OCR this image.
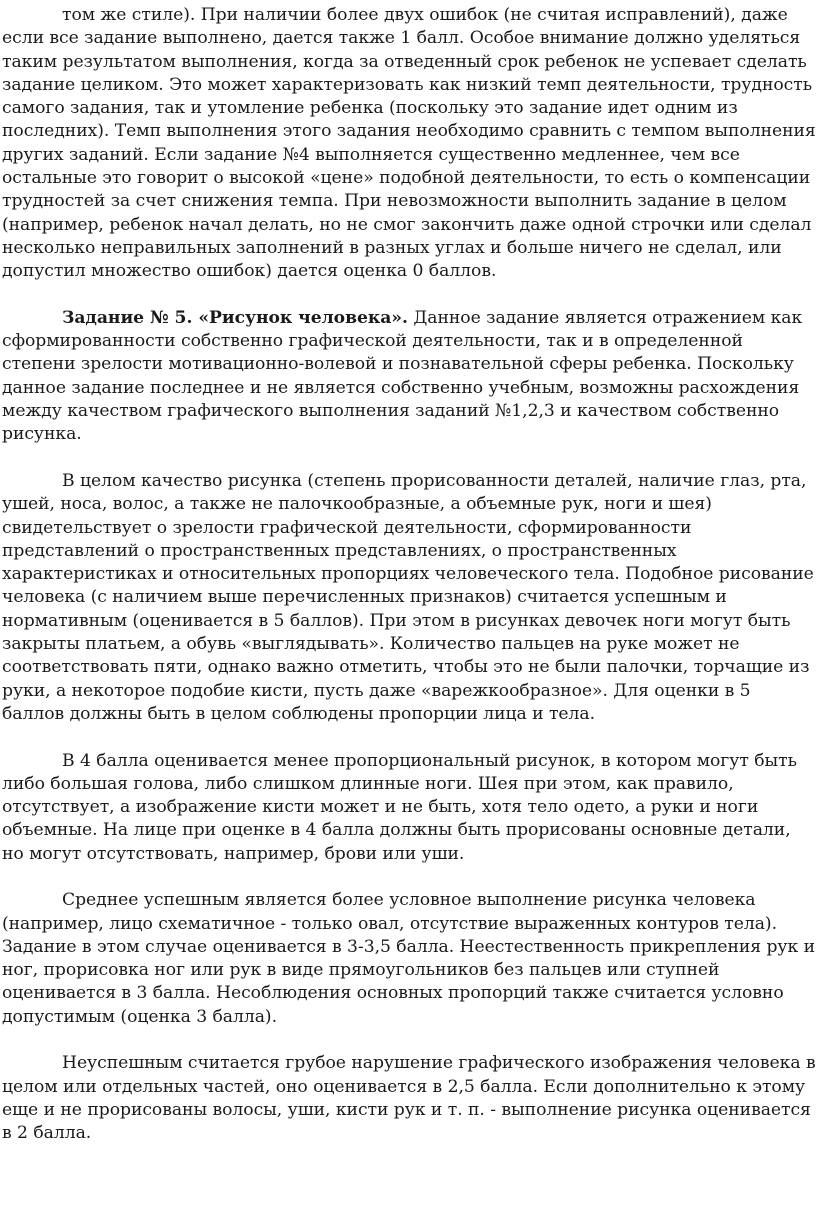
том же стиле). При наличии более двух ошибок (не считая исправлений), даже если все задание выполнено, дается также 1 балл. Особое внимание должно уделяться таким результатом выполнения, когда за отведенный срок ребенок не успевает сделать задание целиком. Это может характеризовать как низкий темп деятельности, трудность самого задания, так и утомление ребенка (поскольку это задание идет одним из последних). Темп выполнения этого задания необходимо сравнить с темпом выполнения других заданий. Если задание №4 выполняется существенно медленнее, чем все остальные это говорит о высокой «цене» подобной деятельности, то есть о компенсации трудностей за счет снижения темпа. При невозможности выполнить задание в целом (например, ребенок начал делать, но не смог закончить даже одной строчки или сделал несколько неправильных заполнений в разных углах и больше ничего не сделал, или допустил множество ошибок) дается оценка 0 баллов.

Задание № 5. «Рисунок человека». Данное задание является отражением как сформированности собственно графической деятельности, так и в определенной степени зрелости мотивационно-волевой и познавательной сферы ребенка. Поскольку данное задание последнее и не является собственно учебным, возможны расхождения между качеством графического выполнения заданий №1,2,3 и качеством собственно рисунка.

В целом качество рисунка (степень прорисованности деталей, наличие глаз, рта, ушей, носа, волос, а также не палочкообразные, а объемные рук, ноги и шея) свидетельствует о зрелости графической деятельности, сформированности представлений о пространственных представлениях, о пространственных характеристиках и относительных пропорциях человеческого тела. Подобное рисование человека (с наличием выше перечисленных признаков) считается успешным и нормативным (оценивается в 5 баллов). При этом в рисунках девочек ноги могут быть закрыты платьем, а обувь «выглядывать». Количество пальцев на руке может не соответствовать пяти, однако важно отметить, чтобы это не были палочки, торчащие из руки, а некоторое подобие кисти, пусть даже «варежкообразное». Для оценки в 5 баллов должны быть в целом соблюдены пропорции лица и тела.

В 4 балла оценивается менее пропорциональный рисунок, в котором могут быть либо большая голова, либо слишком длинные ноги. Шея при этом, как правило, отсутствует, а изображение кисти может и не быть, хотя тело одето, а руки и ноги объемные. На лице при оценке в 4 балла должны быть прорисованы основные детали, но могут отсутствовать, например, брови или уши.

Среднее успешным является более условное выполнение рисунка человека (например, лицо схематичное - только овал, отсутствие выраженных контуров тела). Задание в этом случае оценивается в 3-3,5 балла. Неестественность прикрепления рук и ног, прорисовка ног или рук в виде прямоугольников без пальцев или ступней оценивается в 3 балла. Несоблюдения основных пропорций также считается условно допустимым (оценка 3 балла).

Неуспешным считается грубое нарушение графического изображения человека в целом или отдельных частей, оно оценивается в 2,5 балла. Если дополнительно к этому еще и не прорисованы волосы, уши, кисти рук и т. п. - выполнение рисунка оценивается в 2 балла.
